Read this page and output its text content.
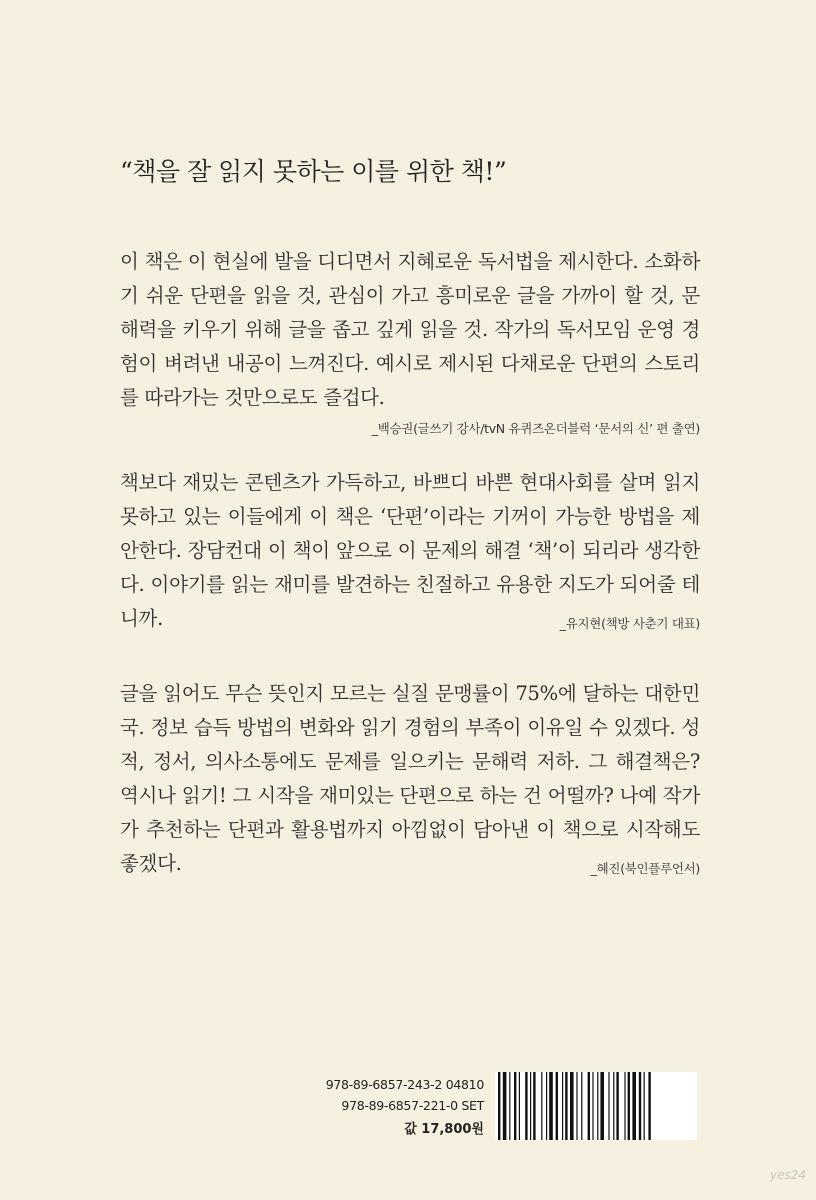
“책을 잘 읽지 못하는 이를 위한 책!”

이 책은 이 현실에 발을 디디면서 지혜로운 독서법을 제시한다. 소화하기 쉬운 단편을 읽을 것, 관심이 가고 흥미로운 글을 가까이 할 것, 문해력을 키우기 위해 글을 좁고 깊게 읽을 것. 작가의 독서모임 운영 경험이 벼려낸 내공이 느껴진다. 예시로 제시된 다채로운 단편의 스토리를 따라가는 것만으로도 즐겁다.

_백승권(글쓰기 강사/tvN 유퀴즈온더블럭 ‘문서의 신’ 편 출연)

책보다 재밌는 콘텐츠가 가득하고, 바쁘디 바쁜 현대사회를 살며 읽지 못하고 있는 이들에게 이 책은 ‘단편’이라는 기꺼이 가능한 방법을 제안한다. 장담컨대 이 책이 앞으로 이 문제의 해결 ‘책’이 되리라 생각한다. 이야기를 읽는 재미를 발견하는 친절하고 유용한 지도가 되어줄 테니까.	_유지현(책방 사춘기 대표)

글을 읽어도 무슨 뜻인지 모르는 실질 문맹률이 75%에 달하는 대한민국. 정보 습득 방법의 변화와 읽기 경험의 부족이 이유일 수 있겠다. 성적, 정서, 의사소통에도 문제를 일으키는 문해력 저하. 그 해결책은? 역시나 읽기! 그 시작을 재미있는 단편으로 하는 건 어떨까? 나예 작가가 추천하는 단편과 활용법까지 아낌없이 담아낸 이 책으로 시작해도 좋겠다.	_혜진(북인플루언서)
978-89-6857-243-2 04810
978-89-6857-221-0 SET
값 17,800원
yes24
